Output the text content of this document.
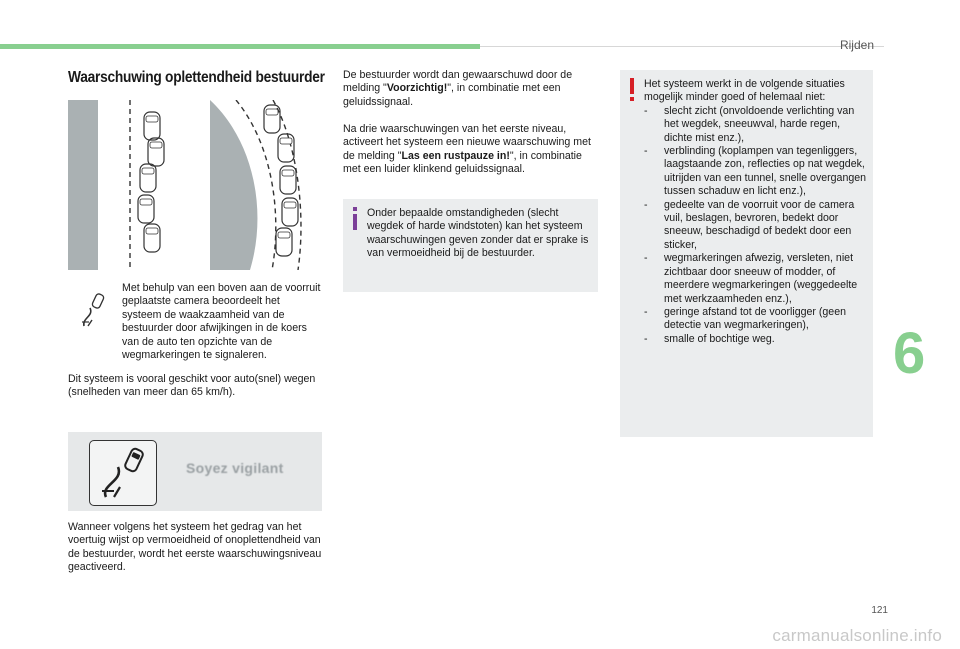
Rijden
Waarschuwing oplettendheid bestuurder
Met behulp van een boven aan de voorruit geplaatste camera beoordeelt het systeem de waakzaamheid van de bestuurder door afwijkingen in de koers van de auto ten opzichte van de wegmarkeringen te signaleren.
Dit systeem is vooral geschikt voor auto(snel) wegen (snelheden van meer dan 65 km/h).
Soyez vigilant
Wanneer volgens het systeem het gedrag van het voertuig wijst op vermoeidheid of onoplettendheid van de bestuurder, wordt het eerste waarschuwingsniveau geactiveerd.
De bestuurder wordt dan gewaarschuwd door de melding "Voorzichtig!", in combinatie met een geluidssignaal.
Na drie waarschuwingen van het eerste niveau, activeert het systeem een nieuwe waarschuwing met de melding "Las een rustpauze in!", in combinatie met een luider klinkend geluidssignaal.
Onder bepaalde omstandigheden (slecht wegdek of harde windstoten) kan het systeem waarschuwingen geven zonder dat er sprake is van vermoeidheid bij de bestuurder.
Het systeem werkt in de volgende situaties mogelijk minder goed of helemaal niet:
- slecht zicht (onvoldoende verlichting van het wegdek, sneeuwval, harde regen, dichte mist enz.),
- verblinding (koplampen van tegenliggers, laagstaande zon, reflecties op nat wegdek, uitrijden van een tunnel, snelle overgangen tussen schaduw en licht enz.),
- gedeelte van de voorruit voor de camera vuil, beslagen, bevroren, bedekt door sneeuw, beschadigd of bedekt door een sticker,
- wegmarkeringen afwezig, versleten, niet zichtbaar door sneeuw of modder, of meerdere wegmarkeringen (weggedeelte met werkzaamheden enz.),
- geringe afstand tot de voorligger (geen detectie van wegmarkeringen),
- smalle of bochtige weg.	6
121
carmanualsonline.info
